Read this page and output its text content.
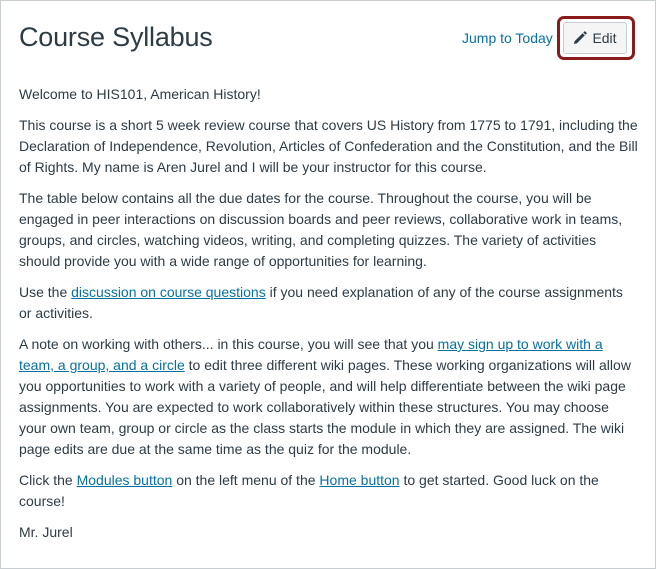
Course Syllabus	Jump to Today	Edit

Welcome to HIS101, American History!

This course is a short 5 week review course that covers US History from 1775 to 1791, including the Declaration of Independence, Revolution, Articles of Confederation and the Constitution, and the Bill of Rights. My name is Aren Jurel and I will be your instructor for this course.

The table below contains all the due dates for the course. Throughout the course, you will be engaged in peer interactions on discussion boards and peer reviews, collaborative work in teams, groups, and circles, watching videos, writing, and completing quizzes. The variety of activities should provide you with a wide range of opportunities for learning.

Use the discussion on course questions if you need explanation of any of the course assignments or activities.

A note on working with others... in this course, you will see that you may sign up to work with a team, a group, and a circle to edit three different wiki pages. These working organizations will allow you opportunities to work with a variety of people, and will help differentiate between the wiki page assignments. You are expected to work collaboratively within these structures. You may choose your own team, group or circle as the class starts the module in which they are assigned. The wiki page edits are due at the same time as the quiz for the module.

Click the Modules button on the left menu of the Home button to get started. Good luck on the course!

Mr. Jurel
